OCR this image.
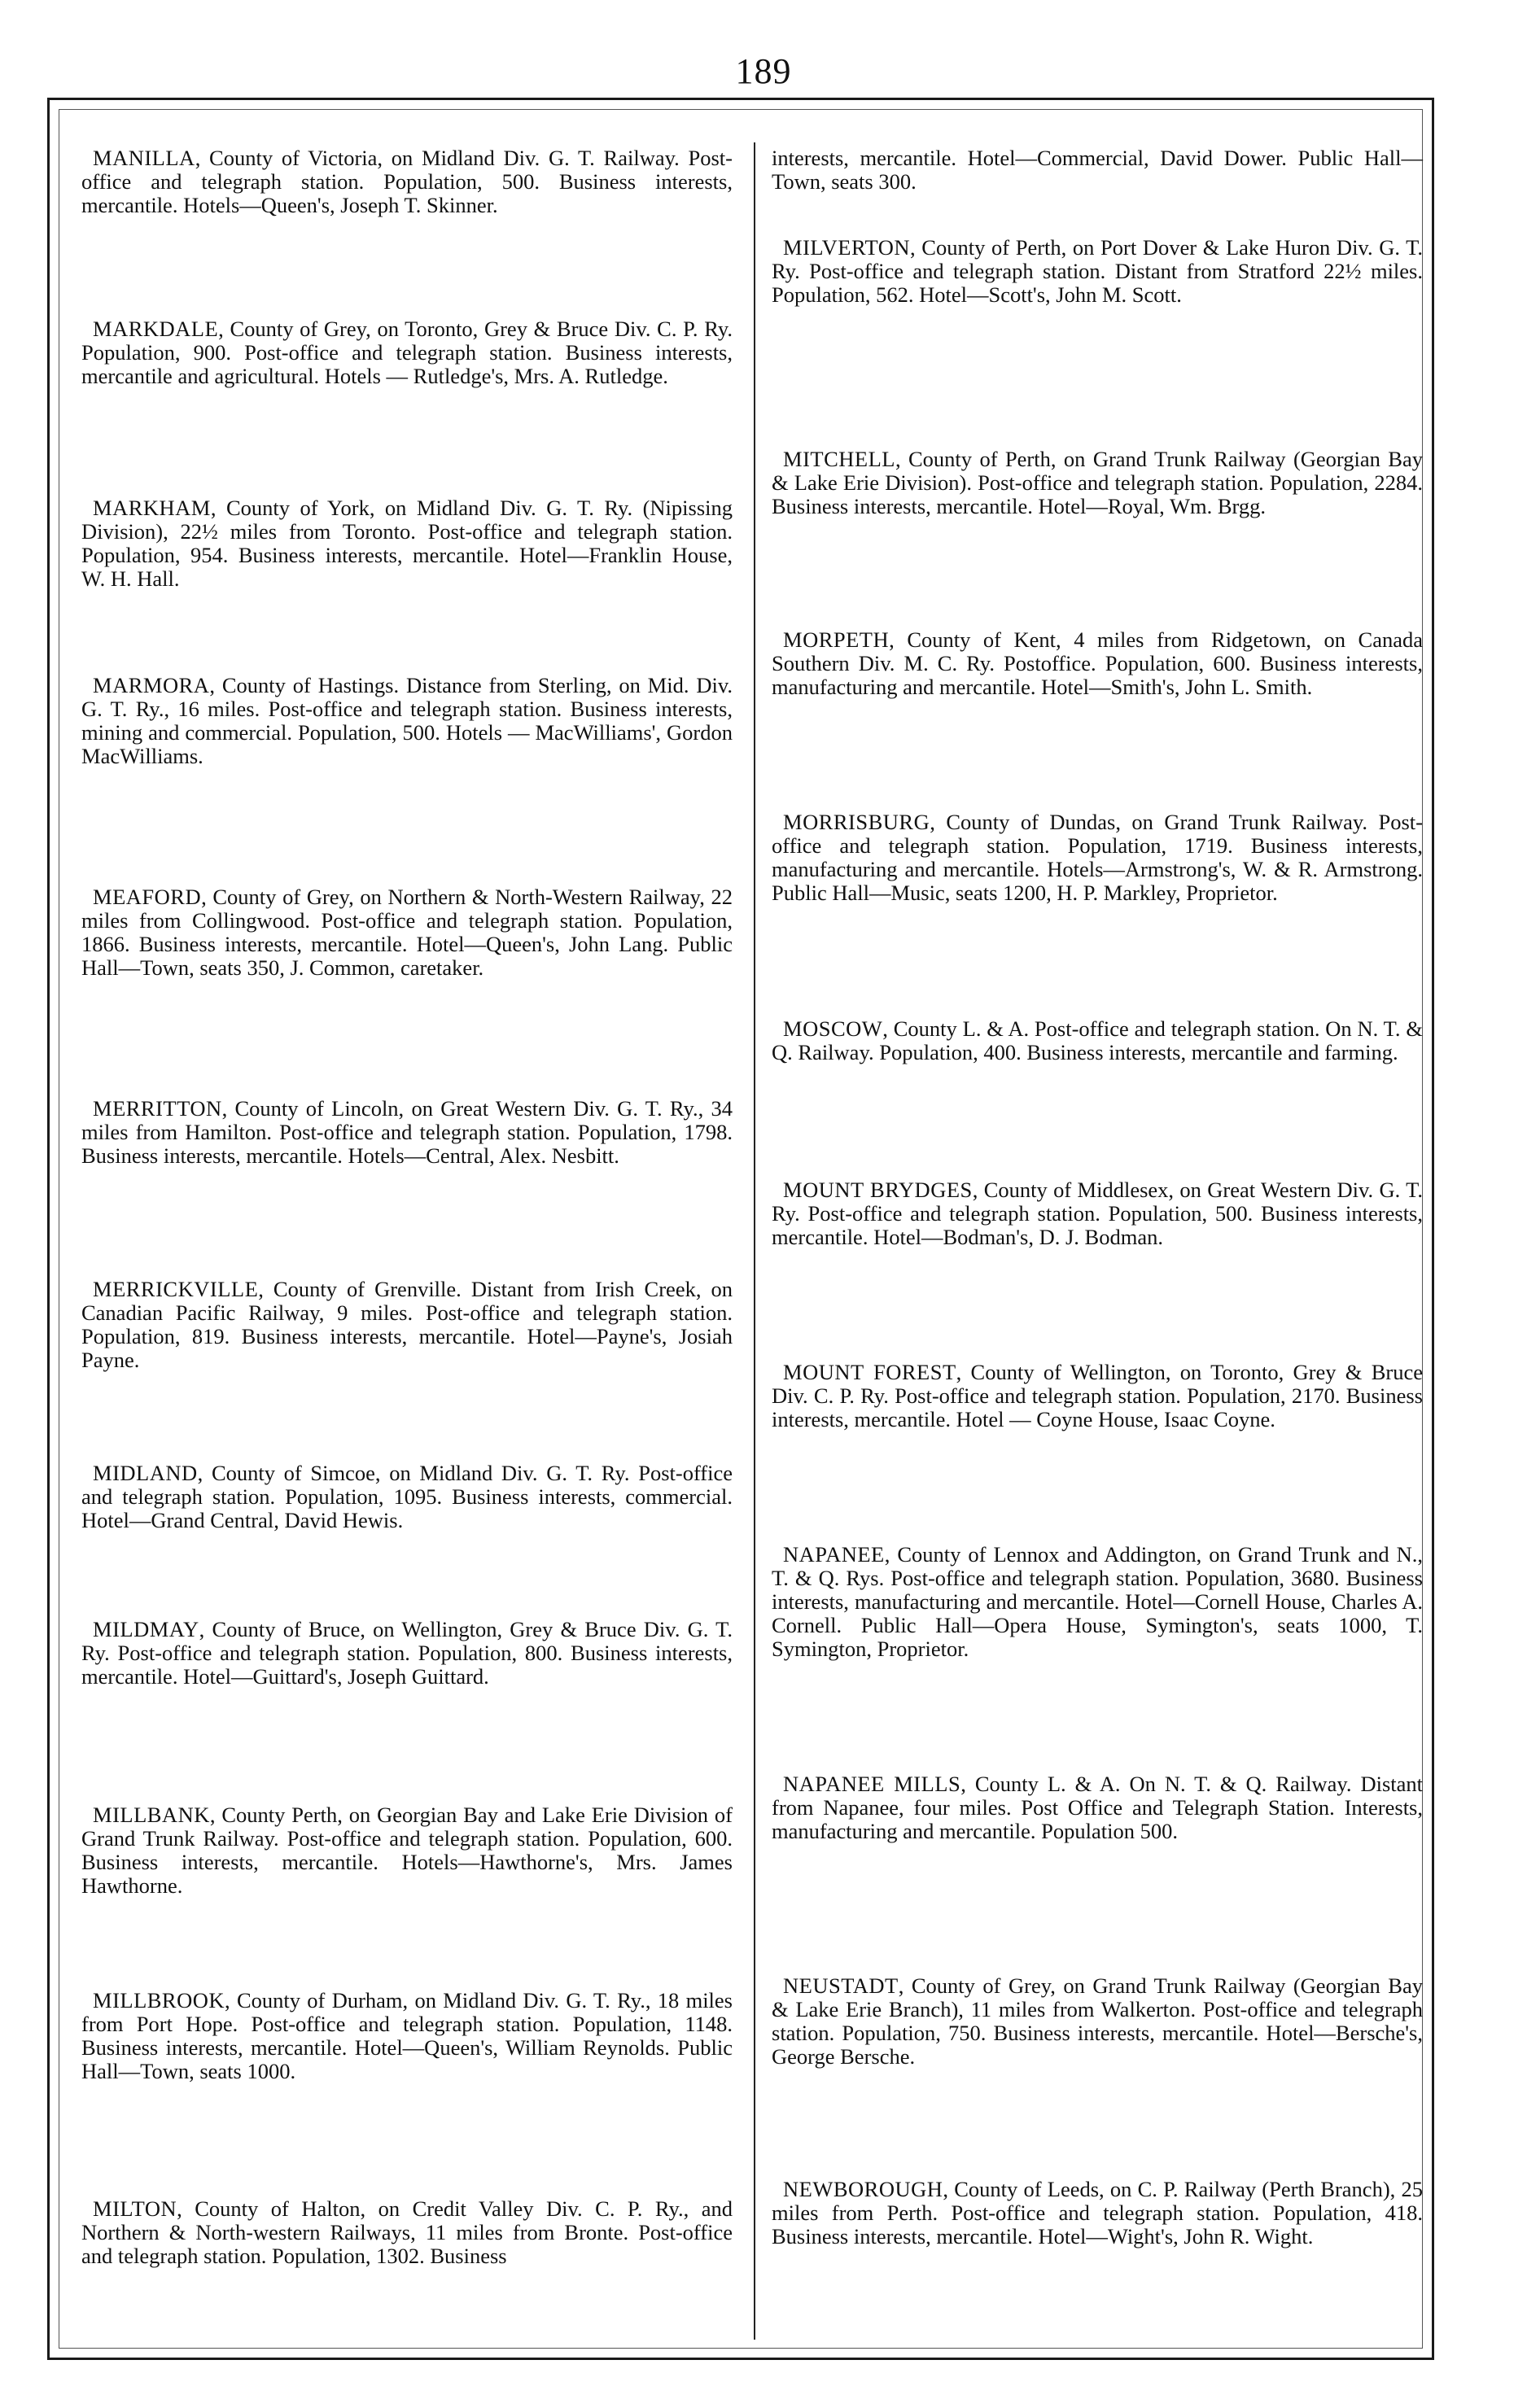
189

MANILLA, County of Victoria, on Midland Div. G. T. Railway. Post-office and telegraph station. Population, 500. Business interests, mercantile. Hotels—Queen's, Joseph T. Skinner.

MARKDALE, County of Grey, on Toronto, Grey & Bruce Div. C. P. Ry. Population, 900. Post-office and telegraph station. Business interests, mercantile and agricultural. Hotels — Rutledge's, Mrs. A. Rutledge.

MARKHAM, County of York, on Midland Div. G. T. Ry. (Nipissing Division), 22½ miles from Toronto. Post-office and telegraph station. Population, 954. Business interests, mercantile. Hotel—Franklin House, W. H. Hall.

MARMORA, County of Hastings. Distance from Sterling, on Mid. Div. G. T. Ry., 16 miles. Post-office and telegraph station. Business interests, mining and commercial. Population, 500. Hotels — MacWilliams', Gordon MacWilliams.

MEAFORD, County of Grey, on Northern & North-Western Railway, 22 miles from Collingwood. Post-office and telegraph station. Population, 1866. Business interests, mercantile. Hotel—Queen's, John Lang. Public Hall—Town, seats 350, J. Common, caretaker.

MERRITTON, County of Lincoln, on Great Western Div. G. T. Ry., 34 miles from Hamilton. Post-office and telegraph station. Population, 1798. Business interests, mercantile. Hotels—Central, Alex. Nesbitt.

MERRICKVILLE, County of Grenville. Distant from Irish Creek, on Canadian Pacific Railway, 9 miles. Post-office and telegraph station. Population, 819. Business interests, mercantile. Hotel—Payne's, Josiah Payne.

MIDLAND, County of Simcoe, on Midland Div. G. T. Ry. Post-office and telegraph station. Population, 1095. Business interests, commercial. Hotel—Grand Central, David Hewis.

MILDMAY, County of Bruce, on Wellington, Grey & Bruce Div. G. T. Ry. Post-office and telegraph station. Population, 800. Business interests, mercantile. Hotel—Guittard's, Joseph Guittard.

MILLBANK, County Perth, on Georgian Bay and Lake Erie Division of Grand Trunk Railway. Post-office and telegraph station. Population, 600. Business interests, mercantile. Hotels—Hawthorne's, Mrs. James Hawthorne.

MILLBROOK, County of Durham, on Midland Div. G. T. Ry., 18 miles from Port Hope. Post-office and telegraph station. Population, 1148. Business interests, mercantile. Hotel—Queen's, William Reynolds. Public Hall—Town, seats 1000.

MILTON, County of Halton, on Credit Valley Div. C. P. Ry., and Northern & North-western Railways, 11 miles from Bronte. Post-office and telegraph station. Population, 1302. Business

interests, mercantile. Hotel—Commercial, David Dower. Public Hall—Town, seats 300.

MILVERTON, County of Perth, on Port Dover & Lake Huron Div. G. T. Ry. Post-office and telegraph station. Distant from Stratford 22½ miles. Population, 562. Hotel—Scott's, John M. Scott.

MITCHELL, County of Perth, on Grand Trunk Railway (Georgian Bay & Lake Erie Division). Post-office and telegraph station. Population, 2284. Business interests, mercantile. Hotel—Royal, Wm. Brgg.

MORPETH, County of Kent, 4 miles from Ridgetown, on Canada Southern Div. M. C. Ry. Postoffice. Population, 600. Business interests, manufacturing and mercantile. Hotel—Smith's, John L. Smith.

MORRISBURG, County of Dundas, on Grand Trunk Railway. Post-office and telegraph station. Population, 1719. Business interests, manufacturing and mercantile. Hotels—Armstrong's, W. & R. Armstrong. Public Hall—Music, seats 1200, H. P. Markley, Proprietor.

MOSCOW, County L. & A. Post-office and telegraph station. On N. T. & Q. Railway. Population, 400. Business interests, mercantile and farming.

MOUNT BRYDGES, County of Middlesex, on Great Western Div. G. T. Ry. Post-office and telegraph station. Population, 500. Business interests, mercantile. Hotel—Bodman's, D. J. Bodman.

MOUNT FOREST, County of Wellington, on Toronto, Grey & Bruce Div. C. P. Ry. Post-office and telegraph station. Population, 2170. Business interests, mercantile. Hotel — Coyne House, Isaac Coyne.

NAPANEE, County of Lennox and Addington, on Grand Trunk and N., T. & Q. Rys. Post-office and telegraph station. Population, 3680. Business interests, manufacturing and mercantile. Hotel—Cornell House, Charles A. Cornell. Public Hall—Opera House, Symington's, seats 1000, T. Symington, Proprietor.

NAPANEE MILLS, County L. & A. On N. T. & Q. Railway. Distant from Napanee, four miles. Post Office and Telegraph Station. Interests, manufacturing and mercantile. Population 500.

NEUSTADT, County of Grey, on Grand Trunk Railway (Georgian Bay & Lake Erie Branch), 11 miles from Walkerton. Post-office and telegraph station. Population, 750. Business interests, mercantile. Hotel—Bersche's, George Bersche.

NEWBOROUGH, County of Leeds, on C. P. Railway (Perth Branch), 25 miles from Perth. Post-office and telegraph station. Population, 418. Business interests, mercantile. Hotel—Wight's, John R. Wight.
